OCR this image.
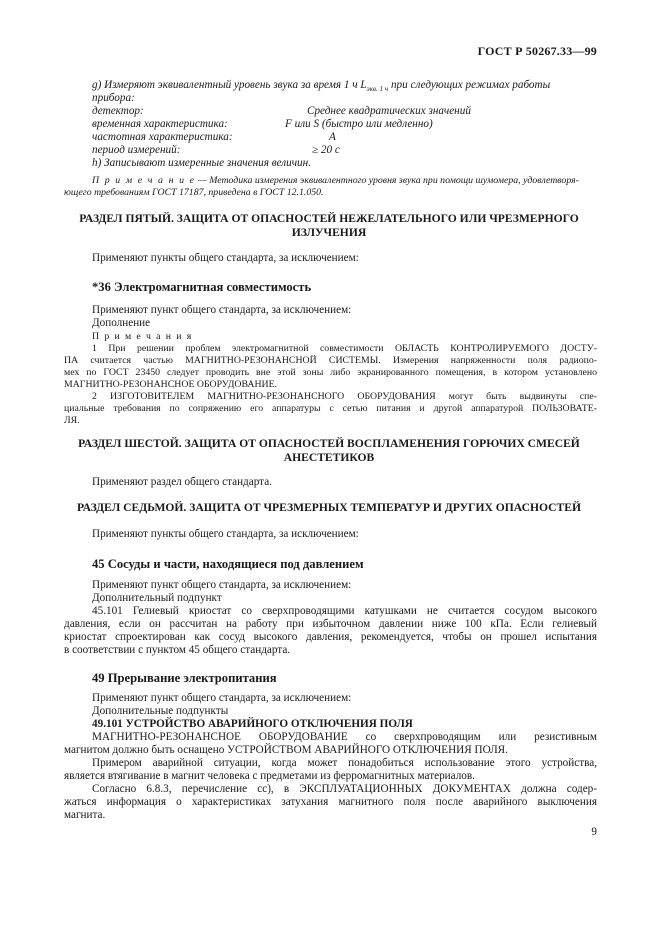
ГОСТ Р 50267.33—99
g) Измеряют эквивалентный уровень звука за время 1 ч $L_{экв. 1 ч}$ при следующих режимах работы
прибора:
детектор:	Среднее квадратических значений
временная характеристика:	F или S (быстро или медленно)
частотная характеристика:	A
период измерений:	≥ 20 с
h) Записывают измеренные значения величин.
П р и м е ч а н и е — Методика измерения эквивалентного уровня звука при помощи шумомера, удовлетворя-
ющего требованиям ГОСТ 17187, приведена в ГОСТ 12.1.050.
РАЗДЕЛ ПЯТЫЙ. ЗАЩИТА ОТ ОПАСНОСТЕЙ НЕЖЕЛАТЕЛЬНОГО ИЛИ ЧРЕЗМЕРНОГО
ИЗЛУЧЕНИЯ
Применяют пункты общего стандарта, за исключением:
*36 Электромагнитная совместимость
Применяют пункт общего стандарта, за исключением:
Дополнение
П р и м е ч а н и я
1 При решении проблем электромагнитной совместимости ОБЛАСТЬ КОНТРОЛИРУЕМОГО ДОСТУ-
ПА считается частью МАГНИТНО-РЕЗОНАНСНОЙ СИСТЕМЫ. Измерения напряженности поля радиопо-
мех по ГОСТ 23450 следует проводить вне этой зоны либо экранированного помещения, в котором установлено
МАГНИТНО-РЕЗОНАНСНОЕ ОБОРУДОВАНИЕ.
2 ИЗГОТОВИТЕЛЕМ МАГНИТНО-РЕЗОНАНСНОГО ОБОРУДОВАНИЯ могут быть выдвинуты спе-
циальные требования по сопряжению его аппаратуры с сетью питания и другой аппаратурой ПОЛЬЗОВАТЕ-
ЛЯ.
РАЗДЕЛ ШЕСТОЙ. ЗАЩИТА ОТ ОПАСНОСТЕЙ ВОСПЛАМЕНЕНИЯ ГОРЮЧИХ СМЕСЕЙ
АНЕСТЕТИКОВ
Применяют раздел общего стандарта.
РАЗДЕЛ СЕДЬМОЙ. ЗАЩИТА ОТ ЧРЕЗМЕРНЫХ ТЕМПЕРАТУР И ДРУГИХ ОПАСНОСТЕЙ
Применяют пункты общего стандарта, за исключением:
45 Сосуды и части, находящиеся под давлением
Применяют пункт общего стандарта, за исключением:
Дополнительный подпункт
45.101 Гелиевый криостат со сверхпроводящими катушками не считается сосудом высокого
давления, если он рассчитан на работу при избыточном давлении ниже 100 кПа. Если гелиевый
криостат спроектирован как сосуд высокого давления, рекомендуется, чтобы он прошел испытания
в соответствии с пунктом 45 общего стандарта.
49 Прерывание электропитания
Применяют пункт общего стандарта, за исключением:
Дополнительные подпункты
49.101 УСТРОЙСТВО АВАРИЙНОГО ОТКЛЮЧЕНИЯ ПОЛЯ
МАГНИТНО-РЕЗОНАНСНОЕ ОБОРУДОВАНИЕ со сверхпроводящим или резистивным
магнитом должно быть оснащено УСТРОЙСТВОМ АВАРИЙНОГО ОТКЛЮЧЕНИЯ ПОЛЯ.
Примером аварийной ситуации, когда может понадобиться использование этого устройства,
является втягивание в магнит человека с предметами из ферромагнитных материалов.
Согласно 6.8.3, перечисление cc), в ЭКСПЛУАТАЦИОННЫХ ДОКУМЕНТАХ должна содер-
жаться информация о характеристиках затухания магнитного поля после аварийного выключения
магнита.
9
